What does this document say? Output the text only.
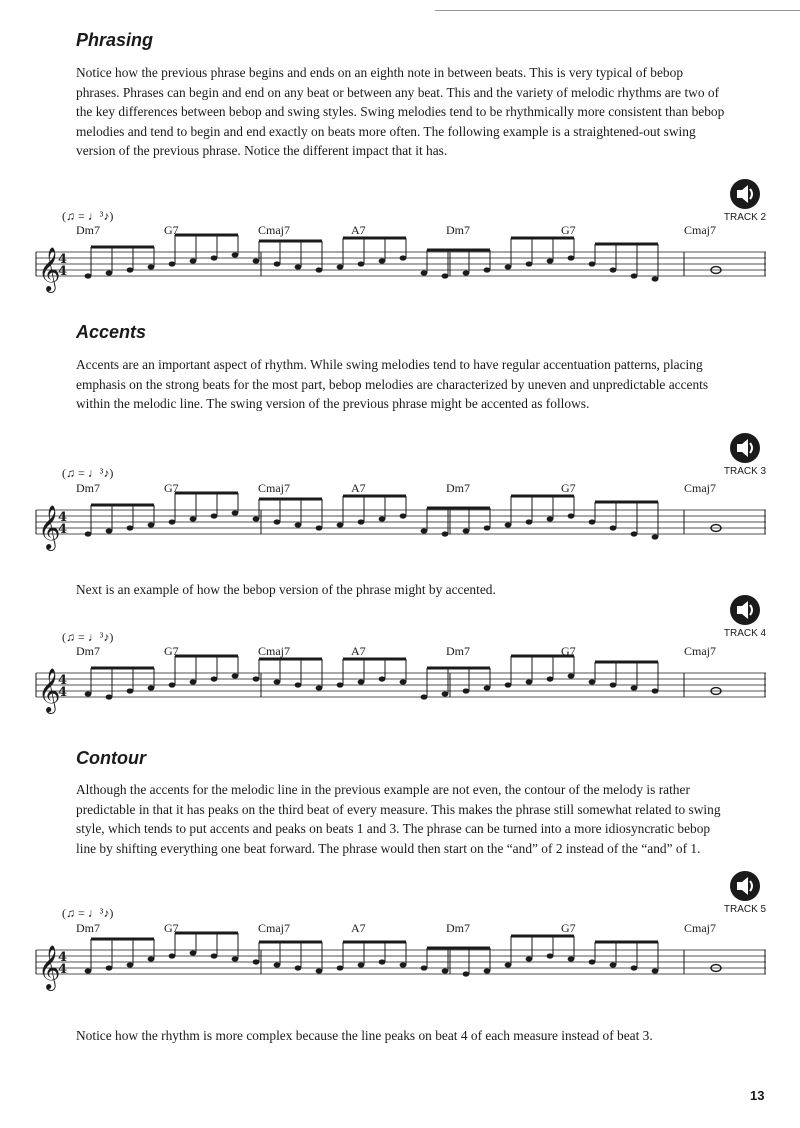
Phrasing

Notice how the previous phrase begins and ends on an eighth note in between beats. This is very typical of bebop phrases. Phrases can begin and end on any beat or between any beat. This and the variety of melodic rhythms are two of the key differences between bebop and swing styles. Swing melodies tend to be rhythmically more consistent than bebop melodies and tend to begin and end exactly on beats more often. The following example is a straightened-out swing version of the previous phrase. Notice the different impact that it has.

TRACK 2
(♫ = ♩³♪)
𝄞
4
4
Dm7	G7	Cmaj7	A7	Dm7	G7	Cmaj7
Accents

Accents are an important aspect of rhythm. While swing melodies tend to have regular accentuation patterns, placing emphasis on the strong beats for the most part, bebop melodies are characterized by uneven and unpredictable accents within the melodic line. The swing version of the previous phrase might be accented as follows.

TRACK 3
(♫ = ♩³♪)
𝄞
4
4
Dm7	G7	Cmaj7	A7	Dm7	G7	Cmaj7

Next is an example of how the bebop version of the phrase might by accented.

TRACK 4
(♫ = ♩³♪)
𝄞
4
4
Dm7	G7	Cmaj7	A7	Dm7	G7	Cmaj7
Contour

Although the accents for the melodic line in the previous example are not even, the contour of the melody is rather predictable in that it has peaks on the third beat of every measure. This makes the phrase still somewhat related to swing style, which tends to put accents and peaks on beats 1 and 3. The phrase can be turned into a more idiosyncratic bebop line by shifting everything one beat forward. The phrase would then start on the “and” of 2 instead of the “and” of 1.

TRACK 5
(♫ = ♩³♪)
𝄞
4
4
Dm7	G7	Cmaj7	A7	Dm7	G7	Cmaj7

Notice how the rhythm is more complex because the line peaks on beat 4 of each measure instead of beat 3.

13
